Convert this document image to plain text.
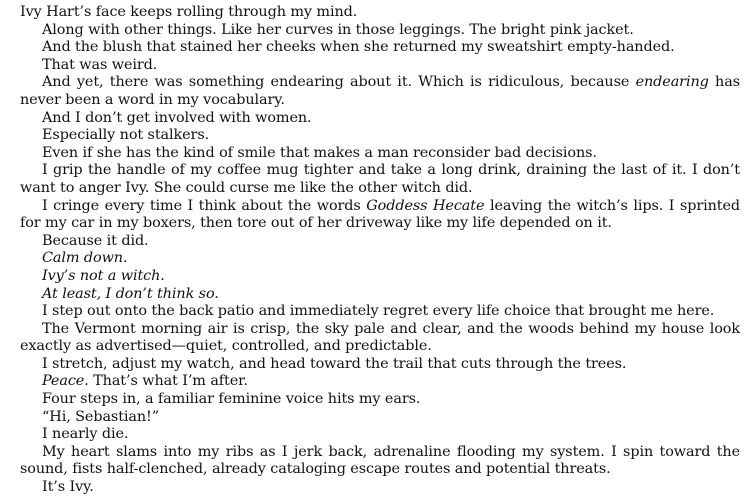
Ivy Hart’s face keeps rolling through my mind.

Along with other things. Like her curves in those leggings. The bright pink jacket.

And the blush that stained her cheeks when she returned my sweatshirt empty-handed.

That was weird.

And yet, there was something endearing about it. Which is ridiculous, because endearing has never been a word in my vocabulary.

And I don’t get involved with women.

Especially not stalkers.

Even if she has the kind of smile that makes a man reconsider bad decisions.

I grip the handle of my coffee mug tighter and take a long drink, draining the last of it. I don’t want to anger Ivy. She could curse me like the other witch did.

I cringe every time I think about the words Goddess Hecate leaving the witch’s lips. I sprinted for my car in my boxers, then tore out of her driveway like my life depended on it.

Because it did.

Calm down.

Ivy’s not a witch.

At least, I don’t think so.

I step out onto the back patio and immediately regret every life choice that brought me here.

The Vermont morning air is crisp, the sky pale and clear, and the woods behind my house look exactly as advertised—quiet, controlled, and predictable.

I stretch, adjust my watch, and head toward the trail that cuts through the trees.

Peace. That’s what I’m after.

Four steps in, a familiar feminine voice hits my ears.

“Hi, Sebastian!”

I nearly die.

My heart slams into my ribs as I jerk back, adrenaline flooding my system. I spin toward the sound, fists half-clenched, already cataloging escape routes and potential threats.

It’s Ivy.
